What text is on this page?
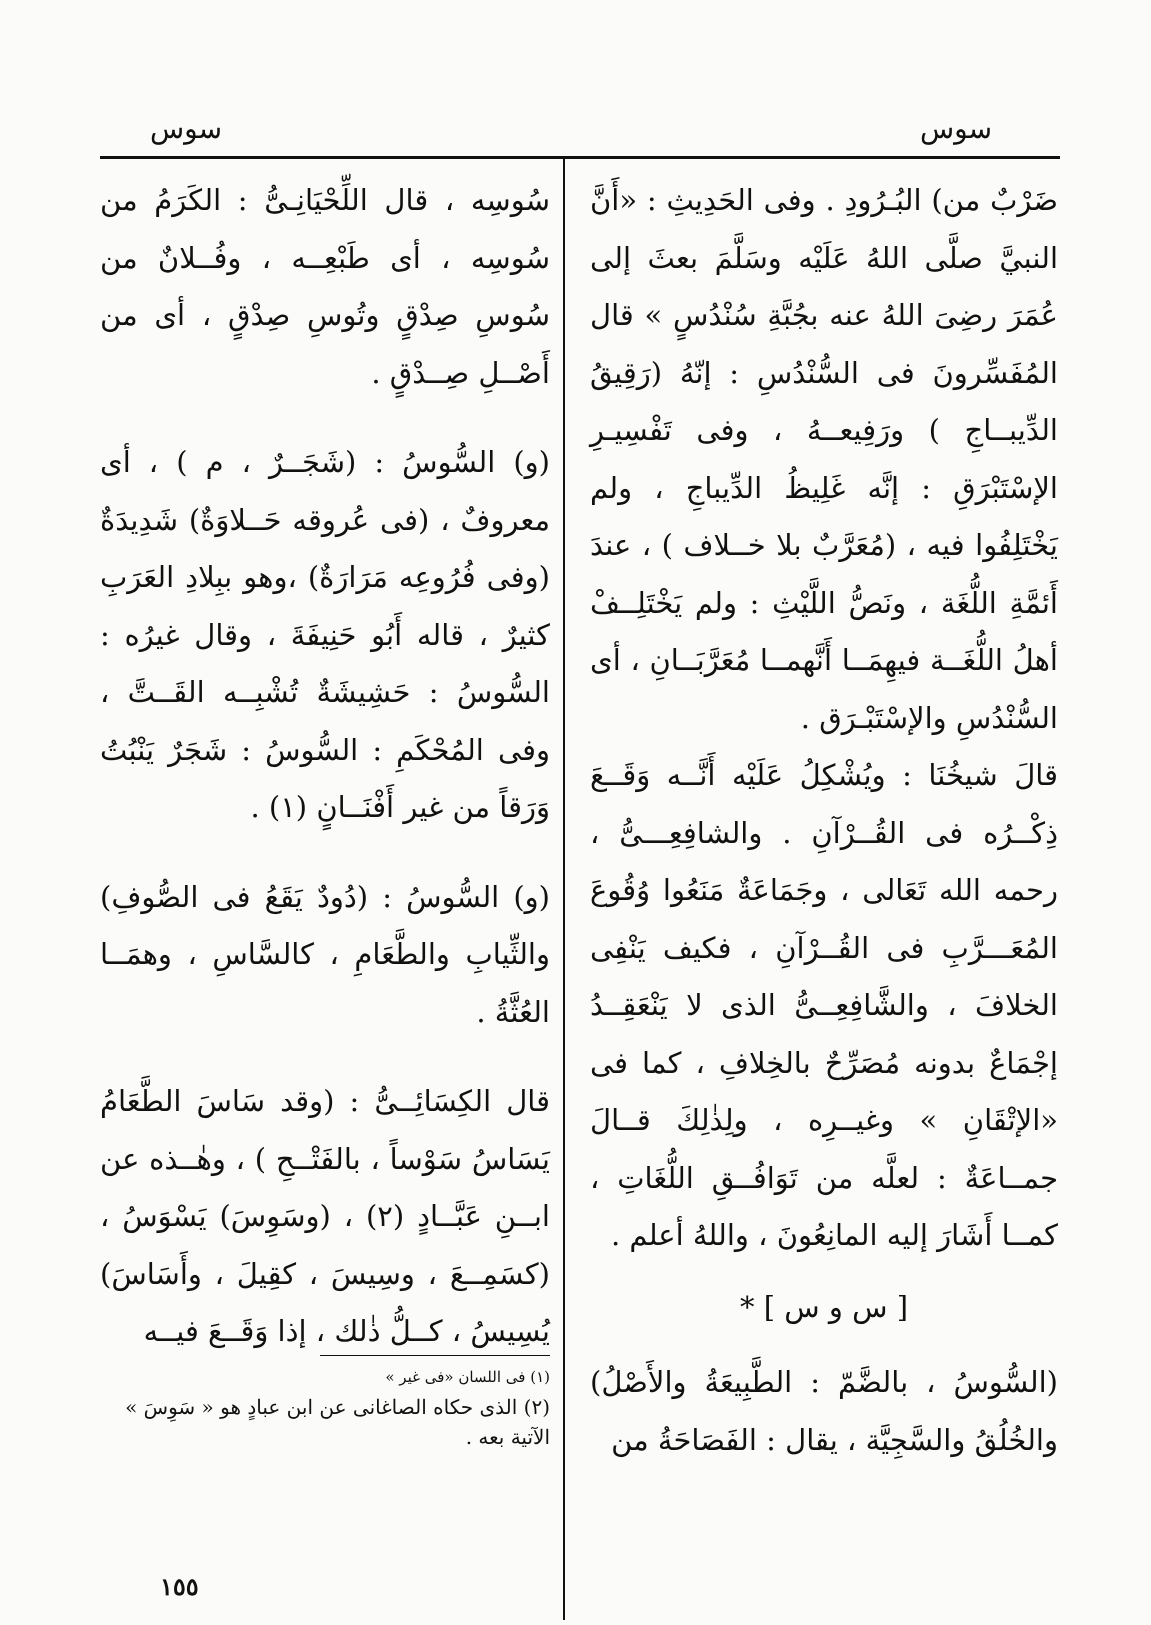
سوس
سوس

ضَرْبٌ من) البُـرُودِ . وفى الحَدِيثِ : «أَنَّ النبيَّ صلَّى اللهُ عَلَيْه وسَلَّمَ بعثَ إلى عُمَرَ رضِىَ اللهُ عنه بجُبَّةِ سُنْدُسٍ » قال المُفَسِّرونَ فى السُّنْدُسِ : إنّهُ (رَقِيقُ الدِّيبــاجِ ) ورَفِيعــهُ ، وفى تَفْسِيـرِ الإسْتَبْرَقِ : إنَّه غَلِيظُ الدِّيباجِ ، ولم يَخْتَلِفُوا فيه ، (مُعَرَّبٌ بلا خــلاف ) ، عندَ أَئمَّةِ اللُّغَة ، ونَصُّ اللَّيْثِ : ولم يَخْتَلِــفْ أهلُ اللُّغَــة فيهِمَــا أَنَّهمــا مُعَرَّبَــانِ ، أى السُّنْدُسِ والإسْتَبْـرَق .

قالَ شيخُنَا : ويُشْكِلُ عَلَيْه أَنَّــه وَقَــعَ ذِكْــرُه فى القُــرْآنِ . والشافِعِـــىُّ ، رحمه الله تَعَالى ، وجَمَاعَةٌ مَنَعُوا وُقُوعَ المُعَـــرَّبِ فى القُــرْآنِ ، فكيف يَنْفِى الخلافَ ، والشَّافِعِــىُّ الذى لا يَنْعَقِــدُ إجْمَاعٌ بدونه مُصَرِّحٌ بالخِلافِ ، كما فى «الإتْقَانِ » وغيــرِه ، ولِذٰلِكَ قــالَ جمــاعَةٌ : لعلَّه من تَوَافُــقِ اللُّغَاتِ ، كمــا أَشَارَ إليه المانِعُونَ ، واللهُ أعلم .

[ س و س ] *

(السُّوسُ ، بالضَّمّ : الطَّبِيعَةُ والأَصْلُ) والخُلُقُ والسَّجِيَّة ، يقال : الفَصَاحَةُ من

سُوسِه ، قال اللِّحْيَانِـىُّ : الكَرَمُ من سُوسِه ، أى طَبْعِــه ، وفُــلانٌ من سُوسِ صِدْقٍ وتُوسِ صِدْقٍ ، أى من أَصْــلِ صِــدْقٍ .

(و) السُّوسُ : (شَجَــرٌ ، م ) ، أى معروفٌ ، (فى عُروقه حَــلاوَةٌ) شَدِيدَةٌ (وفى فُرُوعِه مَرَارَةٌ) ،وهو ببِلادِ العَرَبِ كثيرٌ ، قاله أَبُو حَنِيفَةَ ، وقال غيرُه : السُّوسُ : حَشِيشَةٌ تُشْبِــه القَــتَّ ، وفى المُحْكَمِ : السُّوسُ : شَجَرٌ يَنْبُتُ وَرَقاً من غير أَفْنَــانٍ (١) .

(و) السُّوسُ : (دُودٌ يَقَعُ فى الصُّوفِ) والثِّيابِ والطَّعَامِ ، كالسَّاسِ ، وهمَــا العُثَّةُ .

قال الكِسَائِــىُّ : (وقد سَاسَ الطَّعَامُ يَسَاسُ سَوْساً ، بالفَتْــحِ ) ، وهٰــذه عن ابــنِ عَبَّــادٍ (٢) ، (وسَوِسَ) يَسْوَسُ ، (كسَمِــعَ ، وسِيسَ ، كقِيلَ ، وأَسَاسَ) يُسِيسُ ، كــلُّ ذٰلك ، إذا وَقَــعَ فيــه

(١) فى اللسان «فى غير »

(٢) الذى حكاه الصاغانى عن ابن عبادٍ هو « سَوِسَ » الآتية بعه .

١٥٥
